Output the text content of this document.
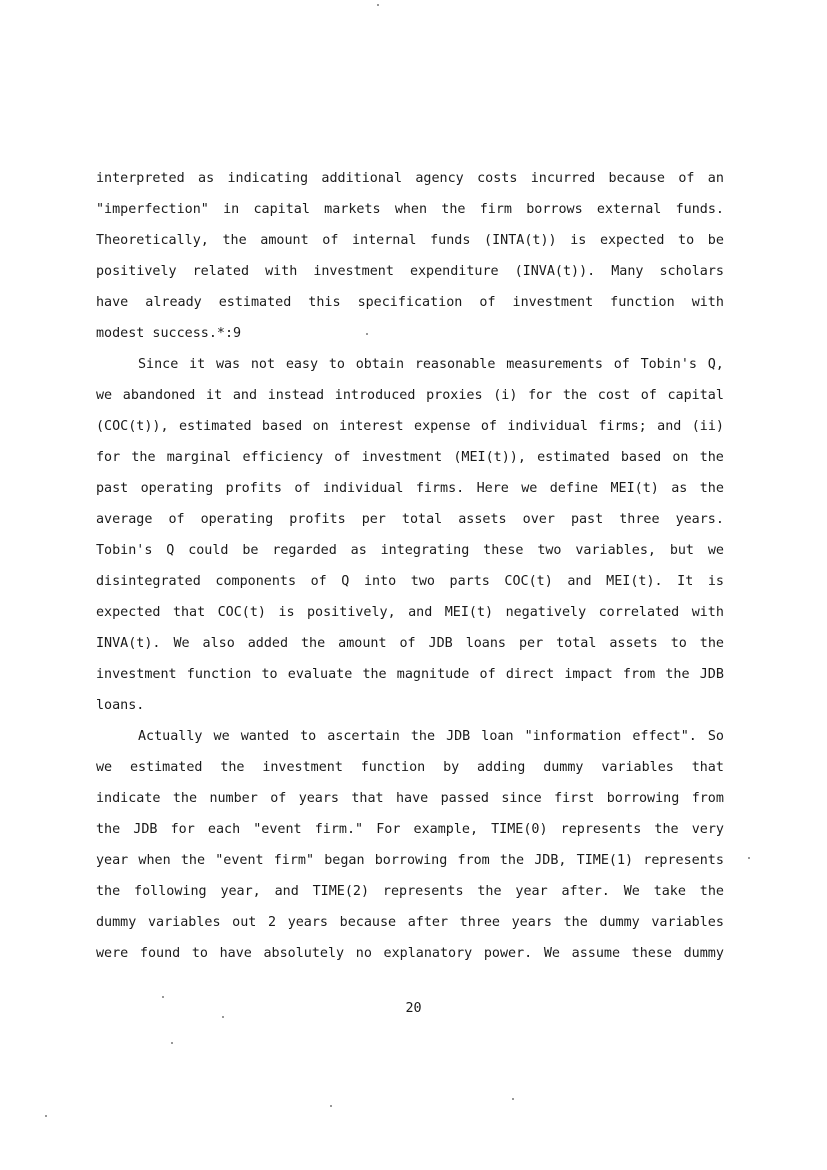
interpreted as indicating additional agency costs incurred because of an
"imperfection" in capital markets when the firm borrows external funds.
Theoretically, the amount of internal funds (INTA(t)) is expected to be
positively related with investment expenditure (INVA(t)). Many scholars
have already estimated this specification of investment function with
modest success.*:9
Since it was not easy to obtain reasonable measurements of Tobin's Q,
we abandoned it and instead introduced proxies (i) for the cost of capital
(COC(t)), estimated based on interest expense of individual firms; and (ii)
for the marginal efficiency of investment (MEI(t)), estimated based on the
past operating profits of individual firms. Here we define MEI(t) as the
average of operating profits per total assets over past three years.
Tobin's Q could be regarded as integrating these two variables, but we
disintegrated components of Q into two parts COC(t) and MEI(t). It is
expected that COC(t) is positively, and MEI(t) negatively correlated with
INVA(t). We also added the amount of JDB loans per total assets to the
investment function to evaluate the magnitude of direct impact from the JDB
loans.
Actually we wanted to ascertain the JDB loan "information effect". So
we estimated the investment function by adding dummy variables that
indicate the number of years that have passed since first borrowing from
the JDB for each "event firm." For example, TIME(0) represents the very
year when the "event firm" began borrowing from the JDB, TIME(1) represents
the following year, and TIME(2) represents the year after. We take the
dummy variables out 2 years because after three years the dummy variables
were found to have absolutely no explanatory power. We assume these dummy
20
